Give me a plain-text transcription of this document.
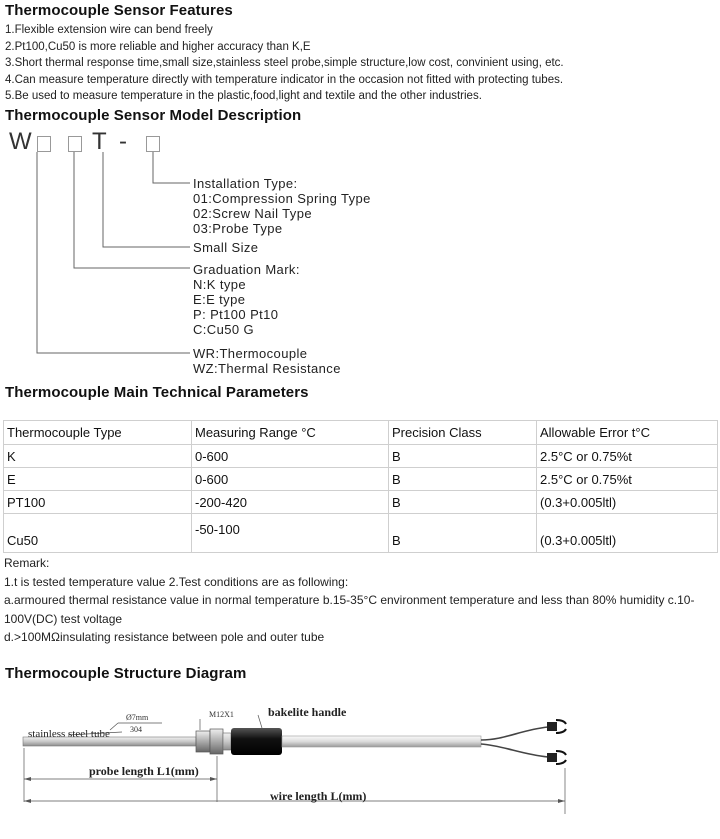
Thermocouple Sensor Features
1.Flexible extension wire can bend freely
2.Pt100,Cu50 is more reliable and higher accuracy than K,E
3.Short thermal response time,small size,stainless steel probe,simple structure,low cost, convinient using, etc.
4.Can measure temperature directly with temperature indicator in the occasion not fitted with protecting tubes.
5.Be used to measure temperature in the plastic,food,light and textile and the other industries.
Thermocouple Sensor Model Description
W	T -
Installation Type:
01:Compression Spring Type
02:Screw Nail Type
03:Probe Type
Small Size
Graduation Mark:
N:K type
E:E type
P: Pt100 Pt10
C:Cu50 G
WR:Thermocouple
WZ:Thermal Resistance
Thermocouple Main Technical Parameters
Thermocouple Type	Measuring Range °C	Precision Class	Allowable Error t°C
K	0-600	B	2.5°C or 0.75%t
E	0-600	B	2.5°C or 0.75%t
PT100	-200-420	B	(0.3+0.005ltl)
Cu50	-50-100	B	(0.3+0.005ltl)
Remark:
1.t is tested temperature value 2.Test conditions are as following:
a.armoured thermal resistance value in normal temperature b.15-35°C environment temperature and less than 80% humidity c.10-
100V(DC) test voltage
d.>100MΩinsulating resistance between pole and outer tube
Thermocouple Structure Diagram
stainless steel tube
Ø7mm
304
M12X1	bakelite handle
probe length L1(mm)
wire length L(mm)
